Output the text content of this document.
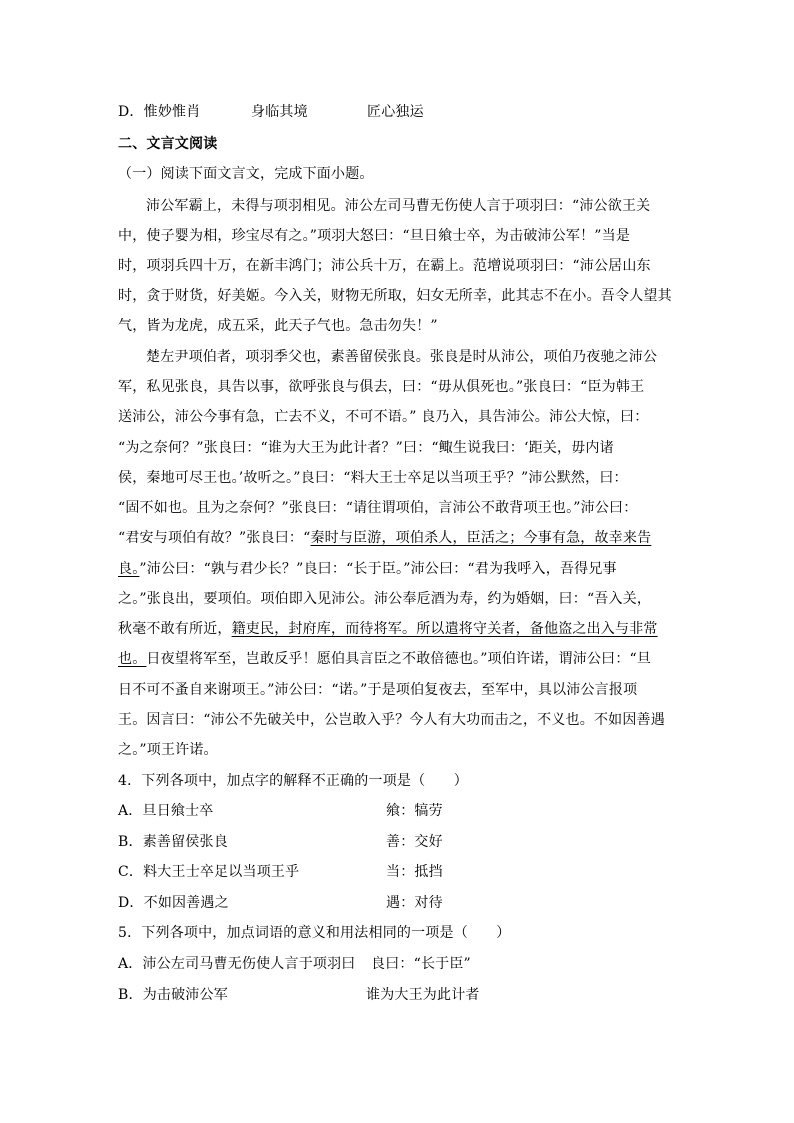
D．惟妙惟肖	身临其境	匠心独运
二、文言文阅读
（一）阅读下面文言文，完成下面小题。
沛公军霸上，未得与项羽相见。沛公左司马曹无伤使人言于项羽曰：“沛公欲王关
中，使子婴为相，珍宝尽有之。”项羽大怒曰：“旦日飨士卒，为击破沛公军！”当是
时，项羽兵四十万，在新丰鸿门；沛公兵十万，在霸上。范增说项羽曰：“沛公居山东
时，贪于财货，好美姬。今入关，财物无所取，妇女无所幸，此其志不在小。吾令人望其
气，皆为龙虎，成五采，此天子气也。急击勿失！”
楚左尹项伯者，项羽季父也，素善留侯张良。张良是时从沛公，项伯乃夜驰之沛公
军，私见张良，具告以事，欲呼张良与俱去，曰：“毋从俱死也。”张良曰：“臣为韩王
送沛公，沛公今事有急，亡去不义，不可不语。” 良乃入，具告沛公。沛公大惊，曰：
“为之奈何？”张良曰：“谁为大王为此计者？”曰：“鲰生说我曰：‘距关，毋内诸
侯，秦地可尽王也。’故听之。”良曰：“料大王士卒足以当项王乎？”沛公默然，曰：
“固不如也。且为之奈何？”张良曰：“请往谓项伯，言沛公不敢背项王也。”沛公曰：
“君安与项伯有故？”张良曰：“秦时与臣游，项伯杀人，臣活之；今事有急，故幸来告
良。”沛公曰：“孰与君少长？”良曰：“长于臣。”沛公曰：“君为我呼入，吾得兄事
之。”张良出，要项伯。项伯即入见沛公。沛公奉卮酒为寿，约为婚姻，曰：“吾入关，
秋毫不敢有所近，籍吏民，封府库，而待将军。所以遣将守关者，备他盗之出入与非常
也。日夜望将军至，岂敢反乎！愿伯具言臣之不敢倍德也。”项伯许诺，谓沛公曰：“旦
日不可不蚤自来谢项王。”沛公曰：“诺。”于是项伯复夜去，至军中，具以沛公言报项
王。因言曰：“沛公不先破关中，公岂敢入乎？今人有大功而击之，不义也。不如因善遇
之。”项王许诺。
4．下列各项中，加点字的解释不正确的一项是（　　）
A．旦日飨士卒	飨：犒劳
B．素善留侯张良	善：交好
C．料大王士卒足以当项王乎	当：抵挡
D．不如因善遇之	遇：对待
5．下列各项中，加点词语的意义和用法相同的一项是（　　）
A．沛公左司马曹无伤使人言于项羽曰 良曰：“长于臣”
B．为击破沛公军	谁为大王为此计者
